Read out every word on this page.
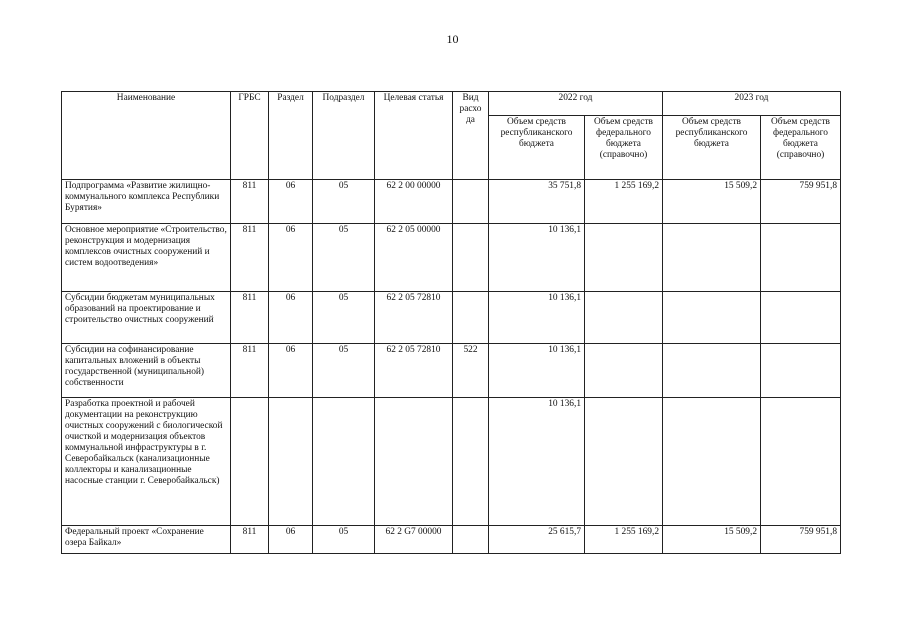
10
Наименование	ГРБС	Раздел	Подраздел	Целевая статья	Вид расхо да	2022 год		2023 год	
						Объем средств республиканского бюджета	Объем средств федерального бюджета (справочно)	Объем средств республиканского бюджета	Объем средств федерального бюджета (справочно)
Подпрограмма «Развитие жилищно-коммунального комплекса Республики Бурятия»	811	06	05	62 2 00 00000		35 751,8	1 255 169,2	15 509,2	759 951,8
Основное мероприятие «Строительство, реконструкция и модернизация комплексов очистных сооружений и систем водоотведения»	811	06	05	62 2 05 00000		10 136,1			
Субсидии бюджетам муниципальных образований на проектирование и строительство очистных сооружений	811	06	05	62 2 05 72810		10 136,1			
Субсидии на софинансирование капитальных вложений в объекты государственной (муниципальной) собственности	811	06	05	62 2 05 72810	522	10 136,1			
Разработка проектной и рабочей документации на реконструкцию очистных сооружений с биологической очисткой и модернизация объектов коммунальной инфраструктуры в г. Северобайкальск (канализационные коллекторы и канализационные насосные станции г. Северобайкальск)						10 136,1			
Федеральный проект «Сохранение озера Байкал»	811	06	05	62 2 G7 00000		25 615,7	1 255 169,2	15 509,2	759 951,8
